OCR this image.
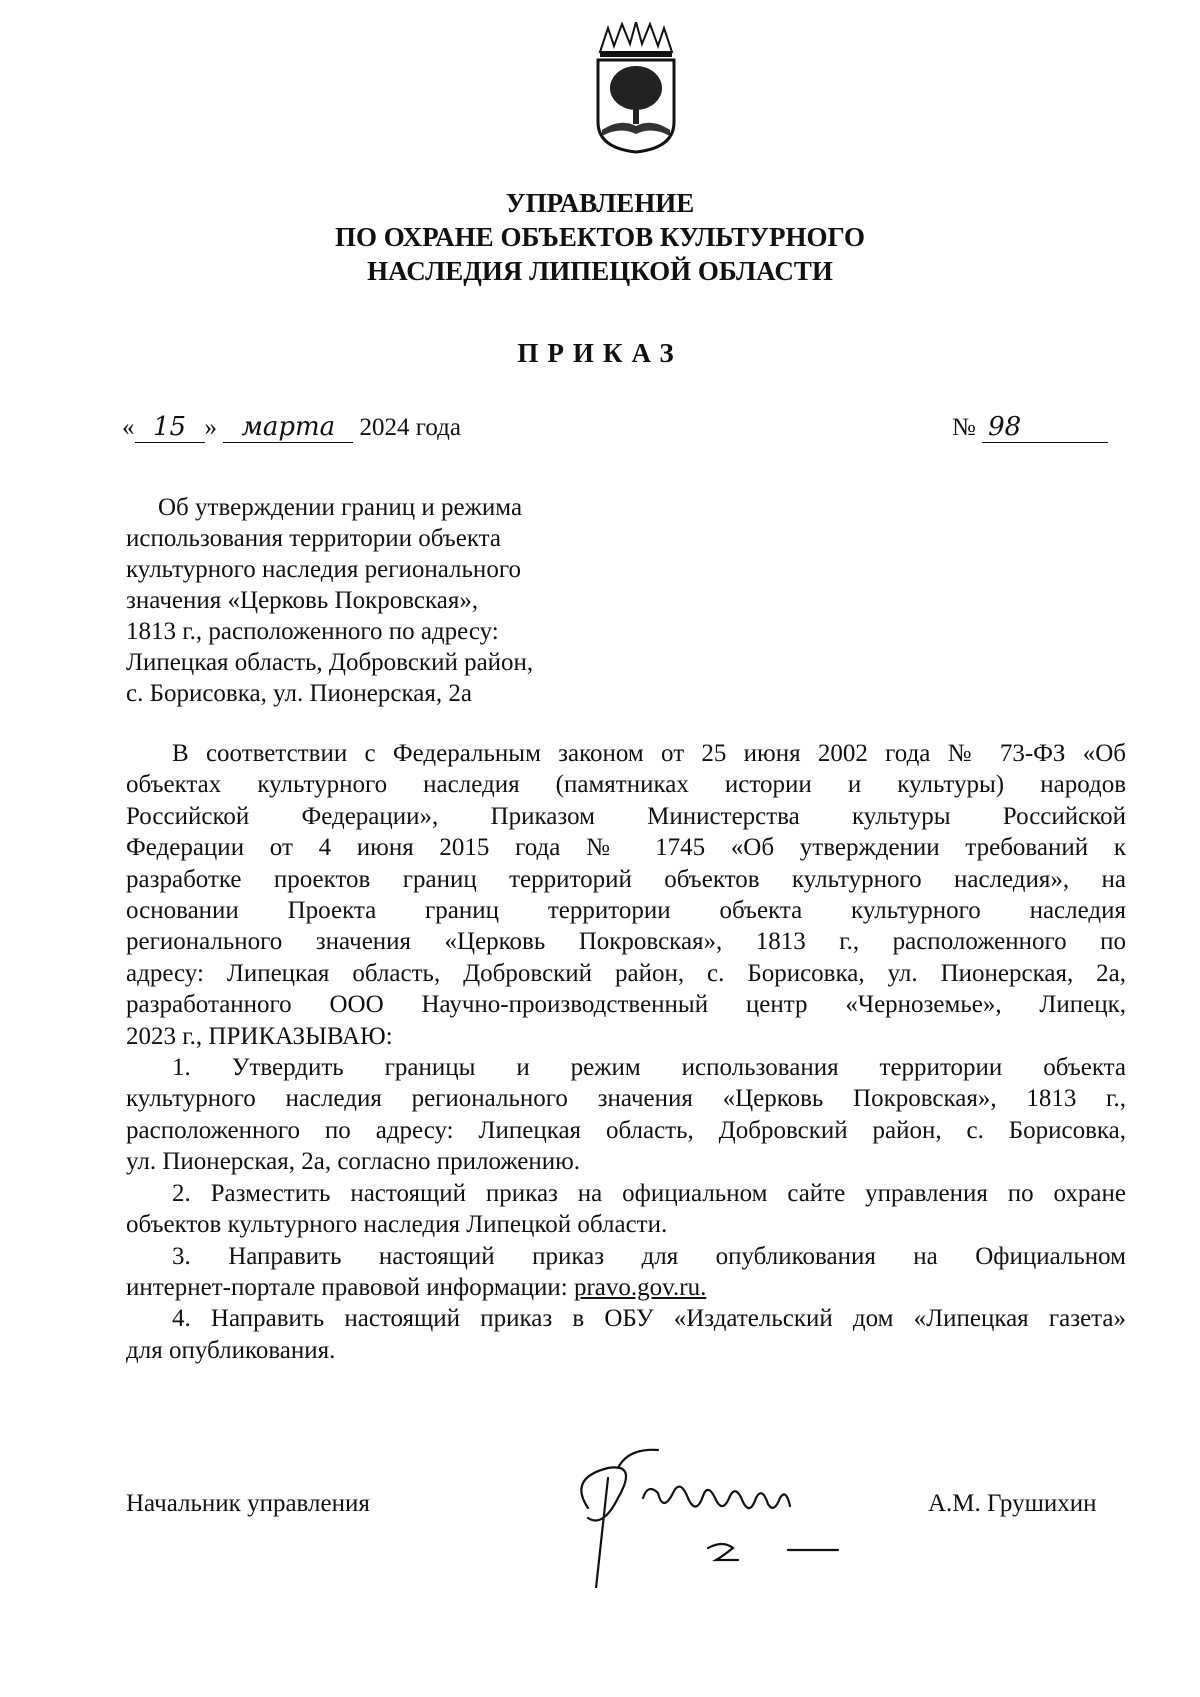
УПРАВЛЕНИЕ
ПО ОХРАНЕ ОБЪЕКТОВ КУЛЬТУРНОГО
НАСЛЕДИЯ ЛИПЕЦКОЙ ОБЛАСТИ
ПРИКАЗ
« 15 » марта 2024 года	№ 98
Об утверждении границ и режима
использования территории объекта
культурного наследия регионального
значения «Церковь Покровская»,
1813 г., расположенного по адресу:
Липецкая область, Добровский район,
с. Борисовка, ул. Пионерская, 2а
В соответствии с Федеральным законом от 25 июня 2002 года № 73-ФЗ «Об
объектах культурного наследия (памятниках истории и культуры) народов
Российской Федерации», Приказом Министерства культуры Российской
Федерации от 4 июня 2015 года № 1745 «Об утверждении требований к
разработке проектов границ территорий объектов культурного наследия», на
основании Проекта границ территории объекта культурного наследия
регионального значения «Церковь Покровская», 1813 г., расположенного по
адресу: Липецкая область, Добровский район, с. Борисовка, ул. Пионерская, 2а,
разработанного ООО Научно-производственный центр «Черноземье», Липецк,
2023 г., ПРИКАЗЫВАЮ:
1. Утвердить границы и режим использования территории объекта
культурного наследия регионального значения «Церковь Покровская», 1813 г.,
расположенного по адресу: Липецкая область, Добровский район, с. Борисовка,
ул. Пионерская, 2а, согласно приложению.
2. Разместить настоящий приказ на официальном сайте управления по охране
объектов культурного наследия Липецкой области.
3. Направить настоящий приказ для опубликования на Официальном
интернет-портале правовой информации: pravo.gov.ru.
4. Направить настоящий приказ в ОБУ «Издательский дом «Липецкая газета»
для опубликования.
Начальник управления	А.М. Грушихин
